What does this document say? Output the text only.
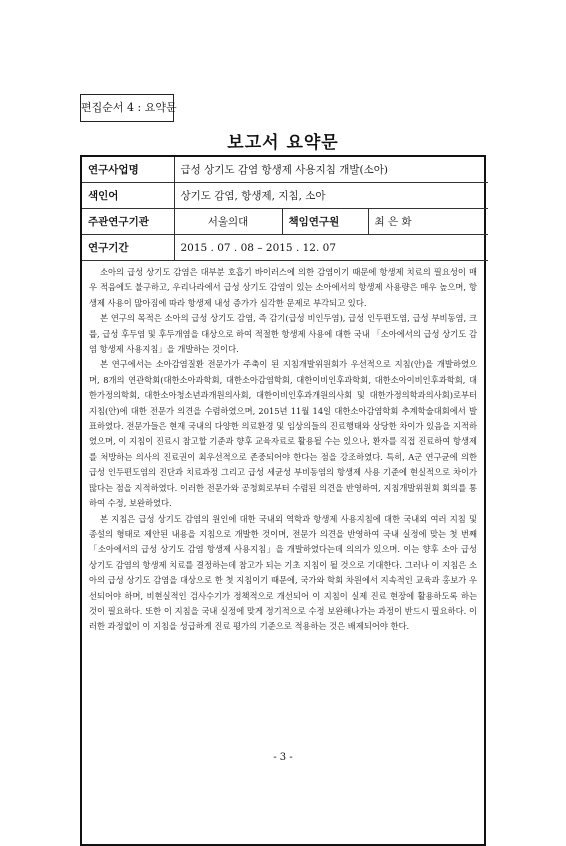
편집순서 4 : 요약문
보고서 요약문
연구사업명	급성 상기도 감염 항생제 사용지침 개발(소아)		
색인어	상기도 감염, 항생제, 지침, 소아		
주관연구기관	서울의대	책임연구원	최 은 화
연구기간	2015 . 07 . 08 – 2015 . 12. 07		

소아의 급성 상기도 감염은 대부분 호흡기 바이러스에 의한 감염이기 때문에 항생제 치료의 필요성이 매우 적음에도 불구하고, 우리나라에서 급성 상기도 감염이 있는 소아에서의 항생제 사용량은 매우 높으며, 항생제 사용이 많아짐에 따라 항생제 내성 증가가 심각한 문제로 부각되고 있다.

본 연구의 목적은 소아의 급성 상기도 감염, 즉 감기(급성 비인두염), 급성 인두편도염, 급성 부비동염, 크룹, 급성 후두염 및 후두개염을 대상으로 하여 적절한 항생제 사용에 대한 국내 「소아에서의 급성 상기도 감염 항생제 사용지침」을 개발하는 것이다.

본 연구에서는 소아감염질환 전문가가 주축이 된 지침개발위원회가 우선적으로 지침(안)을 개발하였으며, 8개의 연관학회(대한소아과학회, 대한소아감염학회, 대한이비인후과학회, 대한소아이비인후과학회, 대한가정의학회, 대한소아청소년과개원의사회, 대한이비인후과개원의사회 및 대한가정의학과의사회)로부터 지침(안)에 대한 전문가 의견을 수렴하였으며, 2015년 11월 14일 대한소아감염학회 추계학술대회에서 발표하였다. 전문가들은 현재 국내의 다양한 의료환경 및 임상의들의 진료행태와 상당한 차이가 있음을 지적하였으며, 이 지침이 진료시 참고할 기준과 향후 교육자료로 활용될 수는 있으나, 환자를 직접 진료하여 항생제를 처방하는 의사의 진료권이 최우선적으로 존중되어야 한다는 점을 강조하였다. 특히, A군 연구균에 의한 급성 인두편도염의 진단과 치료과정 그리고 급성 세균성 부비동염의 항생제 사용 기준에 현실적으로 차이가 많다는 점을 지적하였다. 이러한 전문가와 공청회로부터 수렴된 의견을 반영하여, 지침개발위원회 회의를 통하여 수정, 보완하였다.

본 지침은 급성 상기도 감염의 원인에 대한 국내외 역학과 항생제 사용지침에 대한 국내외 여러 지침 및 종설의 형태로 제안된 내용을 지침으로 개발한 것이며, 전문가 의견을 반영하여 국내 실정에 맞는 첫 번째 「소아에서의 급성 상기도 감염 항생제 사용지침」을 개발하였다는데 의의가 있으며. 이는 향후 소아 급성 상기도 감염의 항생제 치료를 결정하는데 참고가 되는 기초 지침이 될 것으로 기대한다. 그러나 이 지침은 소아의 급성 상기도 감염을 대상으로 한 첫 지침이기 때문에, 국가와 학회 차원에서 지속적인 교육과 홍보가 우선되어야 하며, 비현실적인 검사수기가 정책적으로 개선되어 이 지침이 실제 진료 현장에 활용하도록 하는 것이 필요하다. 또한 이 지침을 국내 실정에 맞게 정기적으로 수정 보완해나가는 과정이 반드시 필요하다. 이러한 과정없이 이 지침을 성급하게 진료 평가의 기준으로 적용하는 것은 배제되어야 한다.

- 3 -
